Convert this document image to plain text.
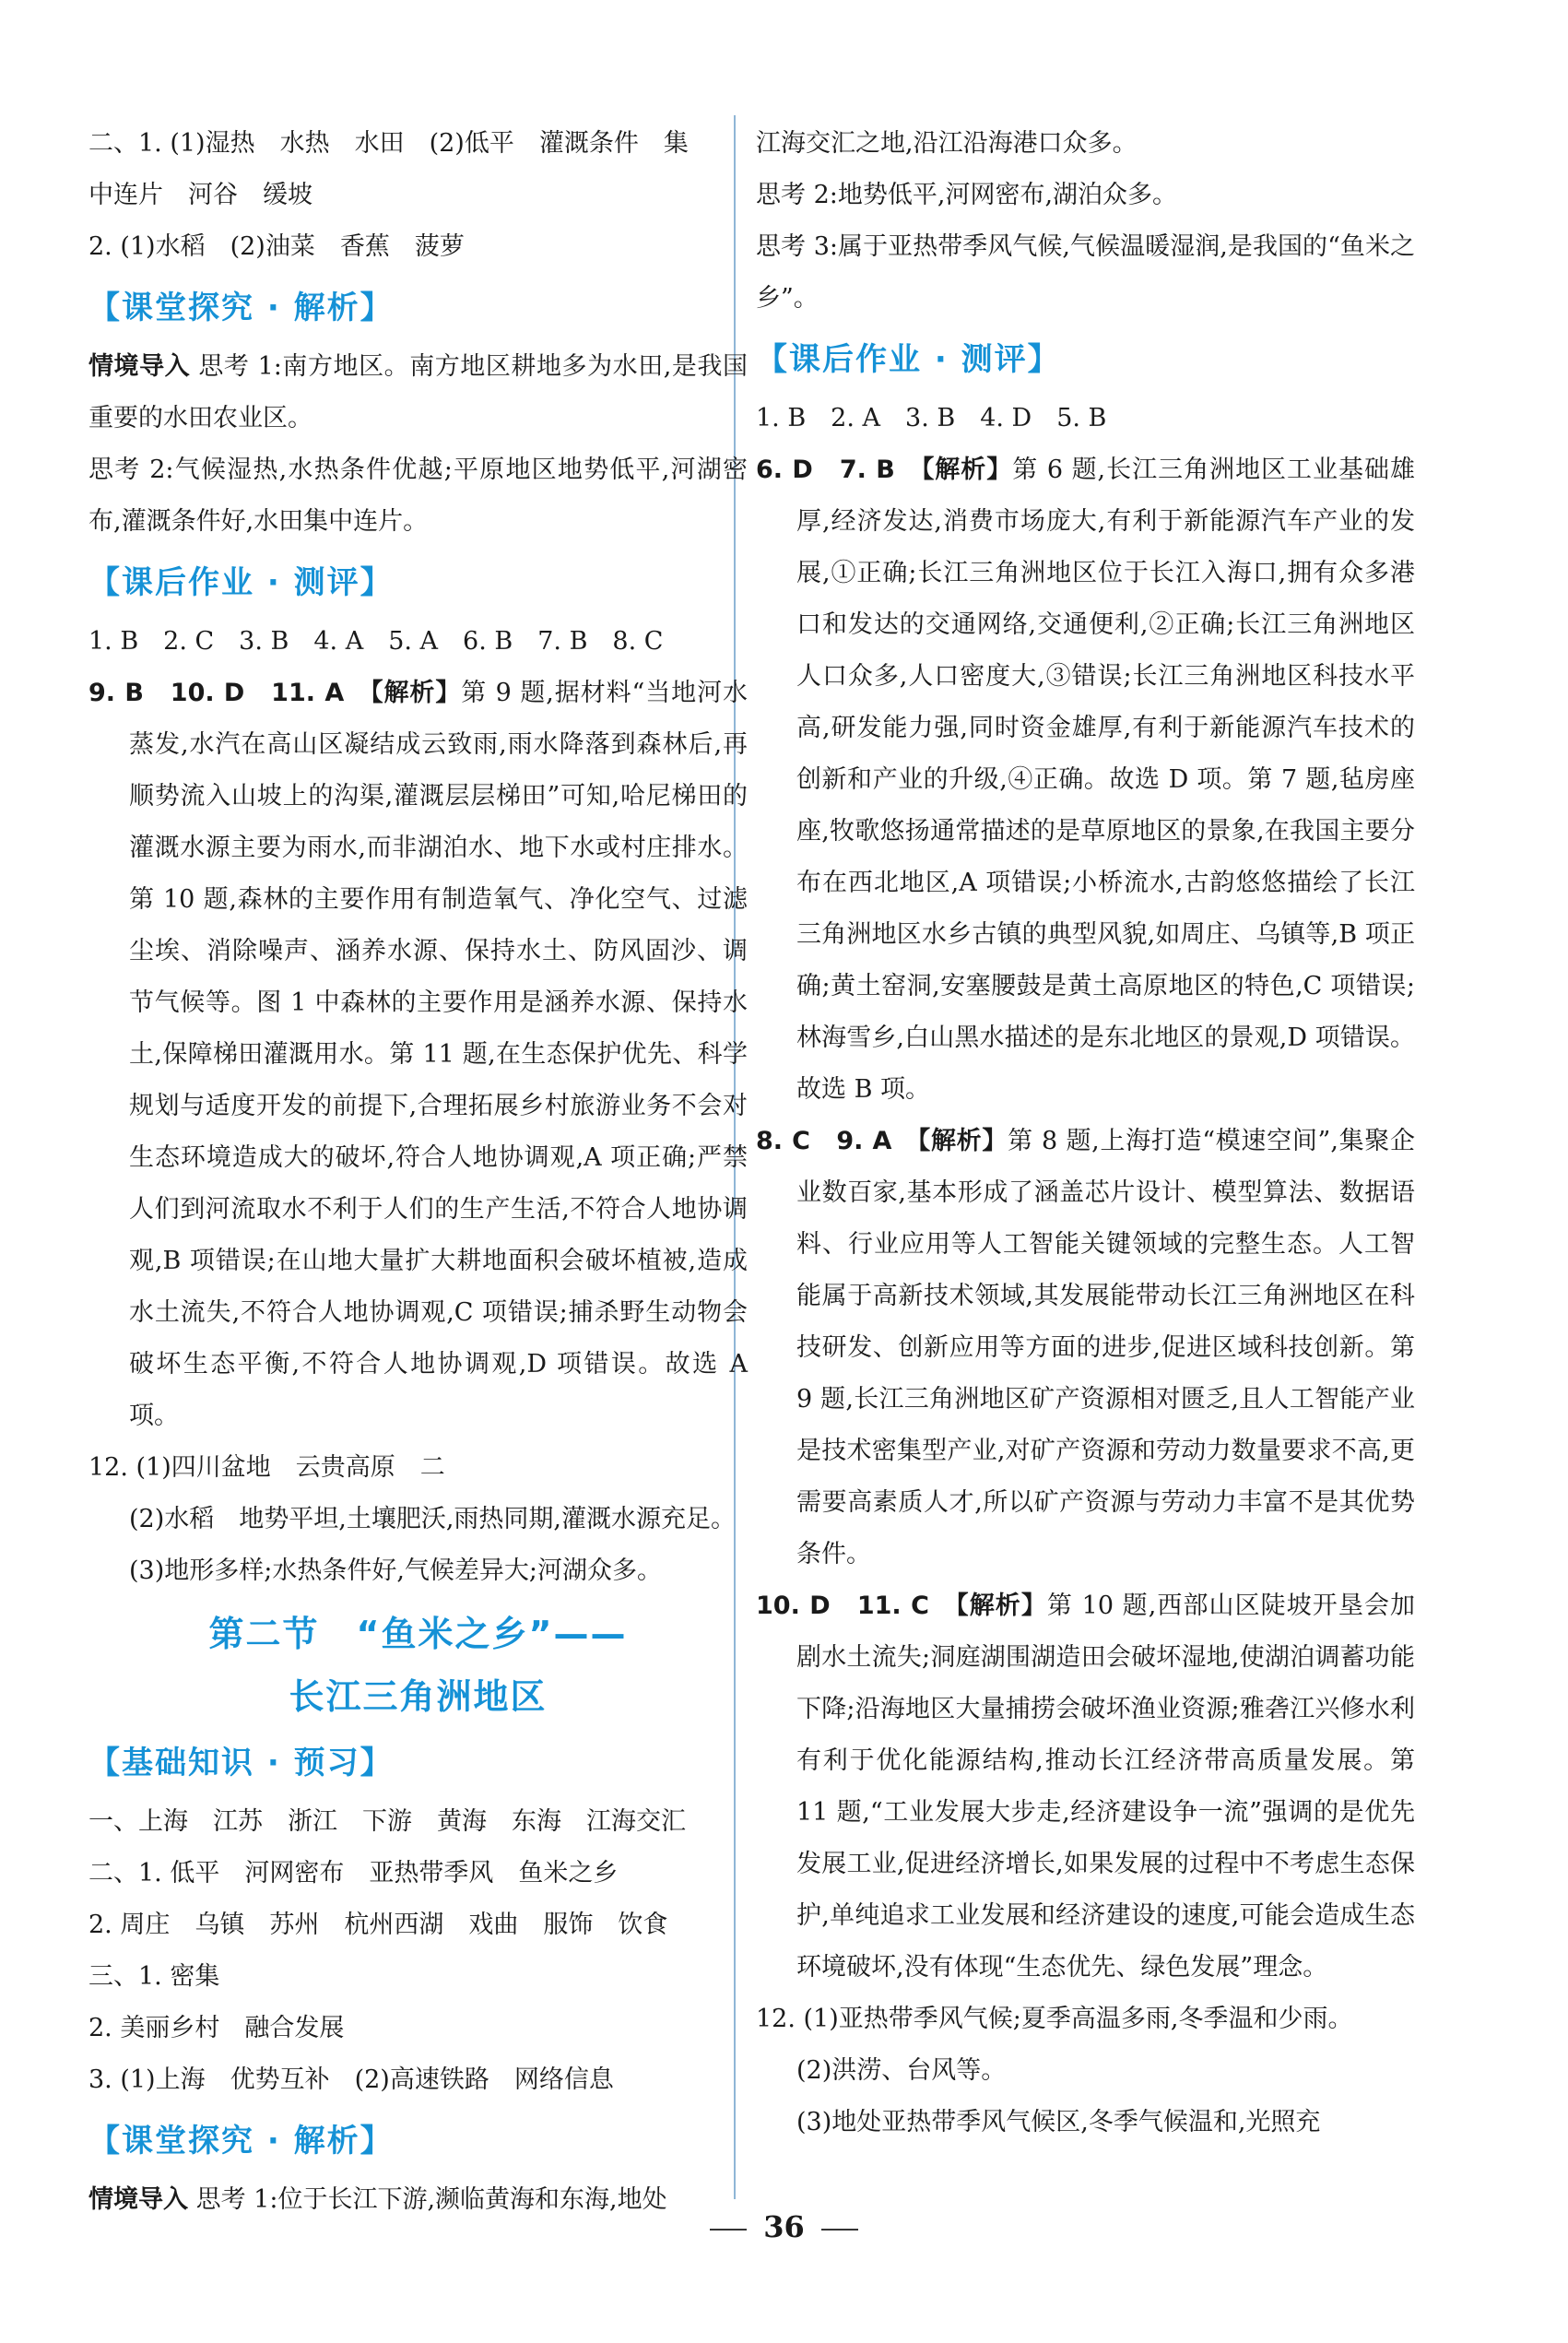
二、1. (1)湿热　水热　水田　(2)低平　灌溉条件　集

中连片　河谷　缓坡

2. (1)水稻　(2)油菜　香蕉　菠萝

【课堂探究 · 解析】

情境导入 思考 1:南方地区。南方地区耕地多为水田,是我国重要的水田农业区。

思考 2:气候湿热,水热条件优越;平原地区地势低平,河湖密布,灌溉条件好,水田集中连片。

【课后作业 · 测评】

1. B　2. C　3. B　4. A　5. A　6. B　7. B　8. C

9. B　10. D　11. A　【解析】第 9 题,据材料“当地河水蒸发,水汽在高山区凝结成云致雨,雨水降落到森林后,再顺势流入山坡上的沟渠,灌溉层层梯田”可知,哈尼梯田的灌溉水源主要为雨水,而非湖泊水、地下水或村庄排水。第 10 题,森林的主要作用有制造氧气、净化空气、过滤尘埃、消除噪声、涵养水源、保持水土、防风固沙、调节气候等。图 1 中森林的主要作用是涵养水源、保持水土,保障梯田灌溉用水。第 11 题,在生态保护优先、科学规划与适度开发的前提下,合理拓展乡村旅游业务不会对生态环境造成大的破坏,符合人地协调观,A 项正确;严禁人们到河流取水不利于人们的生产生活,不符合人地协调观,B 项错误;在山地大量扩大耕地面积会破坏植被,造成水土流失,不符合人地协调观,C 项错误;捕杀野生动物会破坏生态平衡,不符合人地协调观,D 项错误。故选 A 项。

12. (1)四川盆地　云贵高原　二

(2)水稻　地势平坦,土壤肥沃,雨热同期,灌溉水源充足。

(3)地形多样;水热条件好,气候差异大;河湖众多。

第二节　“鱼米之乡”——
长江三角洲地区
【基础知识 · 预习】

一、上海　江苏　浙江　下游　黄海　东海　江海交汇

二、1. 低平　河网密布　亚热带季风　鱼米之乡

2. 周庄　乌镇　苏州　杭州西湖　戏曲　服饰　饮食

三、1. 密集

2. 美丽乡村　融合发展

3. (1)上海　优势互补　(2)高速铁路　网络信息

【课堂探究 · 解析】

情境导入 思考 1:位于长江下游,濒临黄海和东海,地处

江海交汇之地,沿江沿海港口众多。

思考 2:地势低平,河网密布,湖泊众多。

思考 3:属于亚热带季风气候,气候温暖湿润,是我国的“鱼米之乡”。

【课后作业 · 测评】

1. B　2. A　3. B　4. D　5. B

6. D　7. B　【解析】第 6 题,长江三角洲地区工业基础雄厚,经济发达,消费市场庞大,有利于新能源汽车产业的发展,①正确;长江三角洲地区位于长江入海口,拥有众多港口和发达的交通网络,交通便利,②正确;长江三角洲地区人口众多,人口密度大,③错误;长江三角洲地区科技水平高,研发能力强,同时资金雄厚,有利于新能源汽车技术的创新和产业的升级,④正确。故选 D 项。第 7 题,毡房座座,牧歌悠扬通常描述的是草原地区的景象,在我国主要分布在西北地区,A 项错误;小桥流水,古韵悠悠描绘了长江三角洲地区水乡古镇的典型风貌,如周庄、乌镇等,B 项正确;黄土窑洞,安塞腰鼓是黄土高原地区的特色,C 项错误;林海雪乡,白山黑水描述的是东北地区的景观,D 项错误。故选 B 项。

8. C　9. A　【解析】第 8 题,上海打造“模速空间”,集聚企业数百家,基本形成了涵盖芯片设计、模型算法、数据语料、行业应用等人工智能关键领域的完整生态。人工智能属于高新技术领域,其发展能带动长江三角洲地区在科技研发、创新应用等方面的进步,促进区域科技创新。第 9 题,长江三角洲地区矿产资源相对匮乏,且人工智能产业是技术密集型产业,对矿产资源和劳动力数量要求不高,更需要高素质人才,所以矿产资源与劳动力丰富不是其优势条件。

10. D　11. C　【解析】第 10 题,西部山区陡坡开垦会加剧水土流失;洞庭湖围湖造田会破坏湿地,使湖泊调蓄功能下降;沿海地区大量捕捞会破坏渔业资源;雅砻江兴修水利有利于优化能源结构,推动长江经济带高质量发展。第 11 题,“工业发展大步走,经济建设争一流”强调的是优先发展工业,促进经济增长,如果发展的过程中不考虑生态保护,单纯追求工业发展和经济建设的速度,可能会造成生态环境破坏,没有体现“生态优先、绿色发展”理念。

12. (1)亚热带季风气候;夏季高温多雨,冬季温和少雨。

(2)洪涝、台风等。

(3)地处亚热带季风气候区,冬季气候温和,光照充

36
